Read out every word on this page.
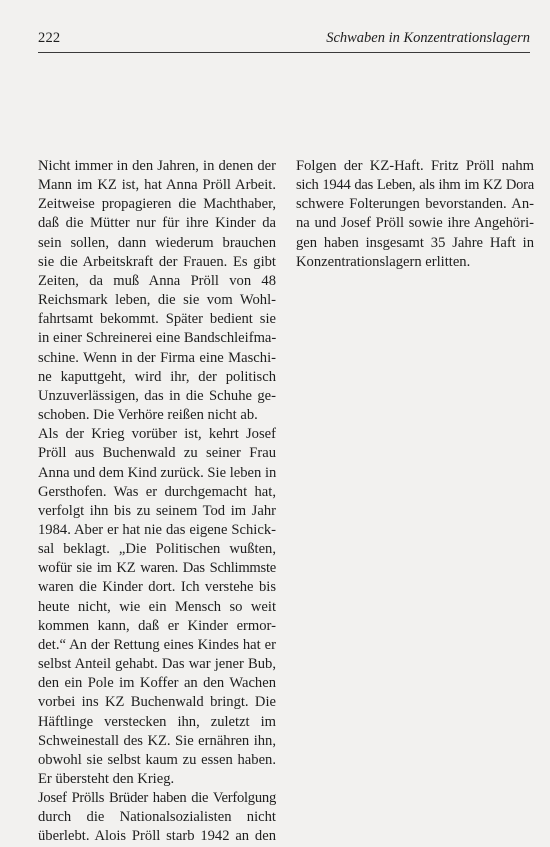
222	Schwaben in Konzentrationslagern

Nicht immer in den Jahren, in denen der
Mann im KZ ist, hat Anna Pröll Arbeit.
Zeitweise propagieren die Machthaber,
daß die Mütter nur für ihre Kinder da
sein sollen, dann wiederum brauchen
sie die Arbeitskraft der Frauen. Es gibt
Zeiten, da muß Anna Pröll von 48
Reichsmark leben, die sie vom Wohl-
fahrtsamt bekommt. Später bedient sie
in einer Schreinerei eine Bandschleifma-
schine. Wenn in der Firma eine Maschi-
ne kaputtgeht, wird ihr, der politisch
Unzuverlässigen, das in die Schuhe ge-
schoben. Die Verhöre reißen nicht ab.

Als der Krieg vorüber ist, kehrt Josef
Pröll aus Buchenwald zu seiner Frau
Anna und dem Kind zurück. Sie leben in
Gersthofen. Was er durchgemacht hat,
verfolgt ihn bis zu seinem Tod im Jahr
1984. Aber er hat nie das eigene Schick-
sal beklagt. „Die Politischen wußten,
wofür sie im KZ waren. Das Schlimmste
waren die Kinder dort. Ich verstehe bis
heute nicht, wie ein Mensch so weit
kommen kann, daß er Kinder ermor-
det.“ An der Rettung eines Kindes hat er
selbst Anteil gehabt. Das war jener Bub,
den ein Pole im Koffer an den Wachen
vorbei ins KZ Buchenwald bringt. Die
Häftlinge verstecken ihn, zuletzt im
Schweinestall des KZ. Sie ernähren ihn,
obwohl sie selbst kaum zu essen haben.
Er übersteht den Krieg.

Josef Prölls Brüder haben die Verfolgung
durch die Nationalsozialisten nicht
überlebt. Alois Pröll starb 1942 an den

Folgen der KZ-Haft. Fritz Pröll nahm
sich 1944 das Leben, als ihm im KZ Dora
schwere Folterungen bevorstanden. An-
na und Josef Pröll sowie ihre Angehöri-
gen haben insgesamt 35 Jahre Haft in
Konzentrationslagern erlitten.
